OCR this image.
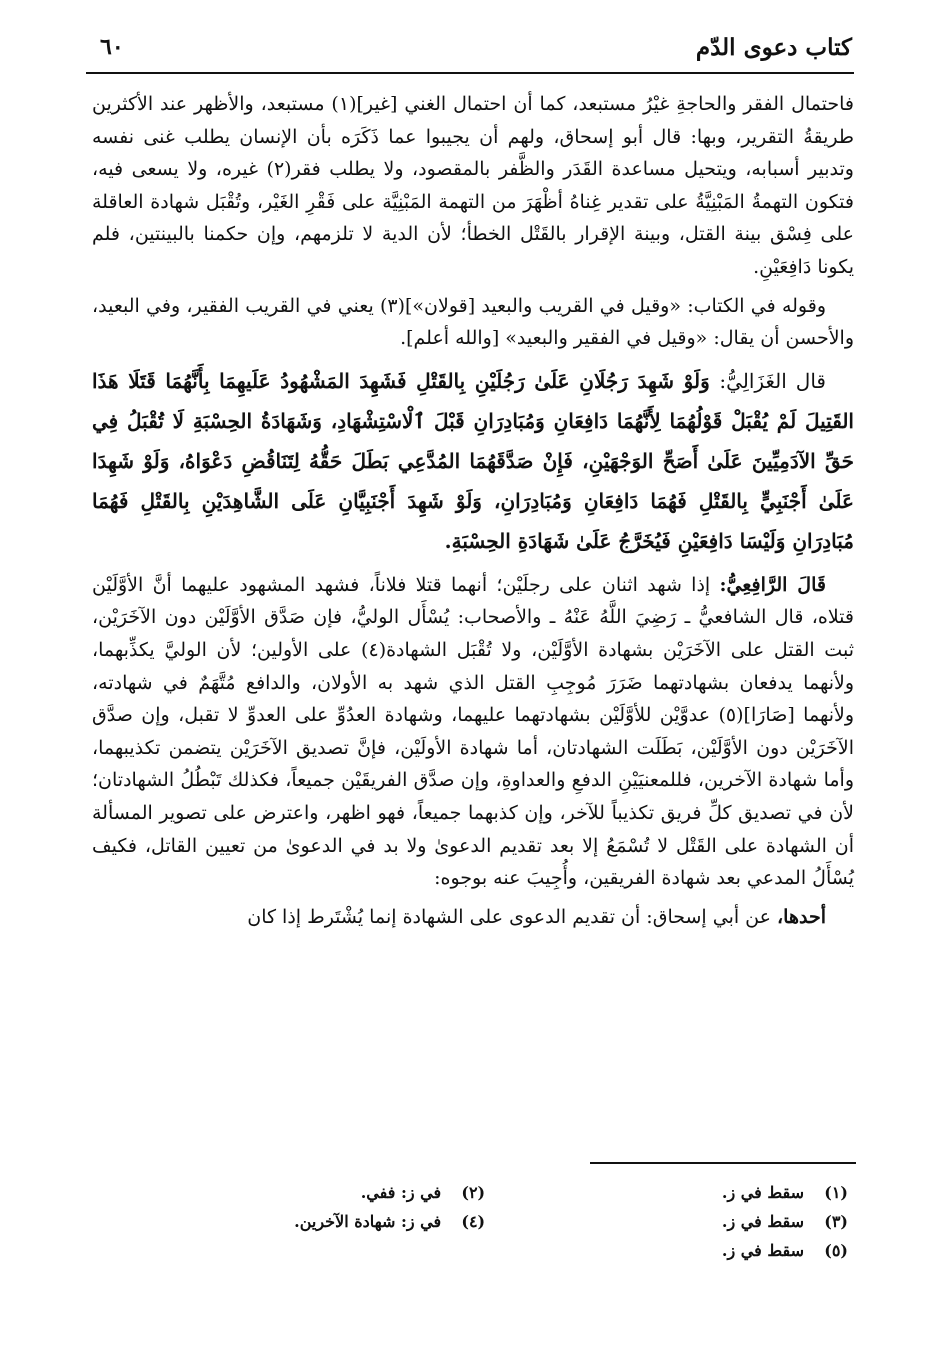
كتاب دعوى الدّم
٦٠

فاحتمال الفقر والحاجةِ غيْرُ مستبعد، كما أن احتمال الغني [غير](١) مستبعد، والأظهر عند الأكثرين طريقةُ التقرير، وبها: قال أبو إسحاق، ولهم أن يجيبوا عما ذَكَرَه بأن الإنسان يطلب غنى نفسه وتدبير أسبابه، ويتحيل مساعدة القَدَر والظَّفر بالمقصود، ولا يطلب فقر(٢) غيره، ولا يسعى فيه، فتكون التهمةُ المَبْنِيَّةُ على تقدير غِناهُ أظْهَرَ من التهمة المَبْنِيَّة على فَقْرِ الغَيْر، وتُقْبَل شهادة العاقلة على فِسْق بينة القتل، وبينة الإقرار بالقَتْل الخطأ؛ لأن الدية لا تلزمهم، وإن حكمنا بالبينتين، فلم يكونا دَافِعَيْنِ.

وقوله في الكتاب: «وقيل في القريب والبعيد [قولان»](٣) يعني في القريب الفقير، وفي البعيد، والأحسن أن يقال: «وقيل في الفقير والبعيد» [والله أعلم].

قال الغَزَالِيُّ: وَلَوْ شَهِدَ رَجُلَانِ عَلَىٰ رَجُلَيْنِ بِالقَتْلِ فَشَهِدَ المَشْهُودُ عَلَيهِمَا بِأَنَّهُمَا قَتَلَا هَذَا القَتِيلَ لَمْ يُقْبَلْ قَوْلُهُمَا لِأَنَّهُمَا دَافِعَانِ وَمُبَادِرَانِ قَبْلَ ٱلْاسْتِشْهَادِ، وَشَهَادَةُ الحِسْبَةِ لَا تُقْبَلُ فِي حَقِّ الآدَمِيِّينَ عَلَىٰ أَصَحِّ الوَجْهَيْنِ، فَإِنْ صَدَّقَهُمَا المُدَّعِي بَطَلَ حَقُّهُ لِتَنَاقُضِ دَعْوَاهُ، وَلَوْ شَهِدَا عَلَىٰ أَجْنَبِيٍّ بِالقَتْلِ فَهُمَا دَافِعَانِ وَمُبَادِرَانِ، وَلَوْ شَهِدَ أَجْنَبِيَّانِ عَلَى الشَّاهِدَيْنِ بِالقَتْلِ فَهُمَا مُبَادِرَانِ وَلَيْسَا دَافِعَيْنِ فَيُخَرَّجُ عَلَىٰ شَهَادَةِ الحِسْبَةِ.

قَالَ الرَّافِعِيُّ: إذا شهد اثنان على رجلَيْن؛ أنهما قتلا فلاناً، فشهد المشهود عليهما أنَّ الأوَّلَيْن قتلاه، قال الشافعيُّ ـ رَضِيَ اللَّهُ عَنْهُ ـ والأصحاب: يُسْأَل الوليُّ، فإن صَدَّق الأوَّلَيْن دون الآخَرَيْن، ثبت القتل على الآخَرَيْن بشهادة الأوَّلَيْن، ولا تُقْبَل الشهادة(٤) على الأولين؛ لأن الوليَّ يكذِّبهما، ولأنهما يدفعان بشهادتهما ضَرَرَ مُوجِبِ القتل الذي شهد به الأولان، والدافع مُتَّهَمٌ في شهادته، ولأنهما [صَارَا](٥) عدوَّيْن للأوَّلَيْن بشهادتهما عليهما، وشهادة العدُوِّ على العدوِّ لا تقبل، وإن صدَّق الآخَرَيْن دون الأوَّلَيْن، بَطَلَت الشهادتان، أما شهادة الأولَيْن، فإنَّ تصديق الآخَرَيْن يتضمن تكذيبهما، وأما شهادة الآخرين، فللمعنيَيْنِ الدفعِ والعداوةِ، وإن صدَّق الفريقَيْن جميعاً، فكذلك تَبْطُلُ الشهادتان؛ لأن في تصديق كلِّ فريق تكذيباً للآخر، وإن كذبهما جميعاً، فهو اظهر، واعترض على تصوير المسألة أن الشهادة على القَتْل لا تُسْمَعُ إلا بعد تقديم الدعوىٰ ولا بد في الدعوىٰ من تعيين القاتل، فكيف يُسْأَلُ المدعي بعد شهادة الفريقين، وأُجِيبَ عنه بوجوه:

أحدها، عن أبي إسحاق: أن تقديم الدعوى على الشهادة إنما يُشْتَرط إذا كان

(١)سقط في ز.
(٢)في ز: ففي.
(٣)سقط في ز.
(٤)في ز: شهادة الآخرين.
(٥)سقط في ز.
